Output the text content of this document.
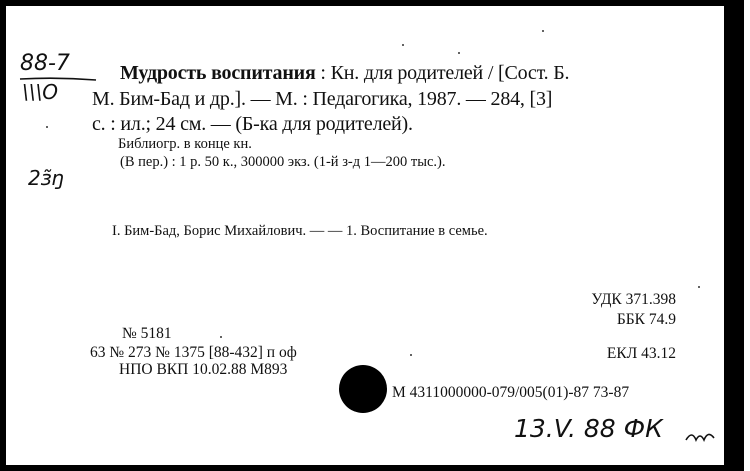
88-7
\\\O
2ɜ̃ŋ
Мудрость воспитания : Кн. для родителей / [Сост. Б.
М. Бим-Бад и др.]. — М. : Педагогика, 1987. — 284, [3]
с. : ил.; 24 см. — (Б-ка для родителей).
Библиогр. в конце кн.
(В пер.) : 1 р. 50 к., 300000 экз. (1-й з-д 1—200 тыс.).
I. Бим-Бад, Борис Михайлович. — — 1. Воспитание в семье.
УДК 371.398
ББК 74.9
№ 5181
63 № 273 № 1375 [88-432] п оф	ЕКЛ 43.12
НПО ВКП 10.02.88 М893
М 4311000000-079/005(01)-87 73-87
13.V. 88 ФК
